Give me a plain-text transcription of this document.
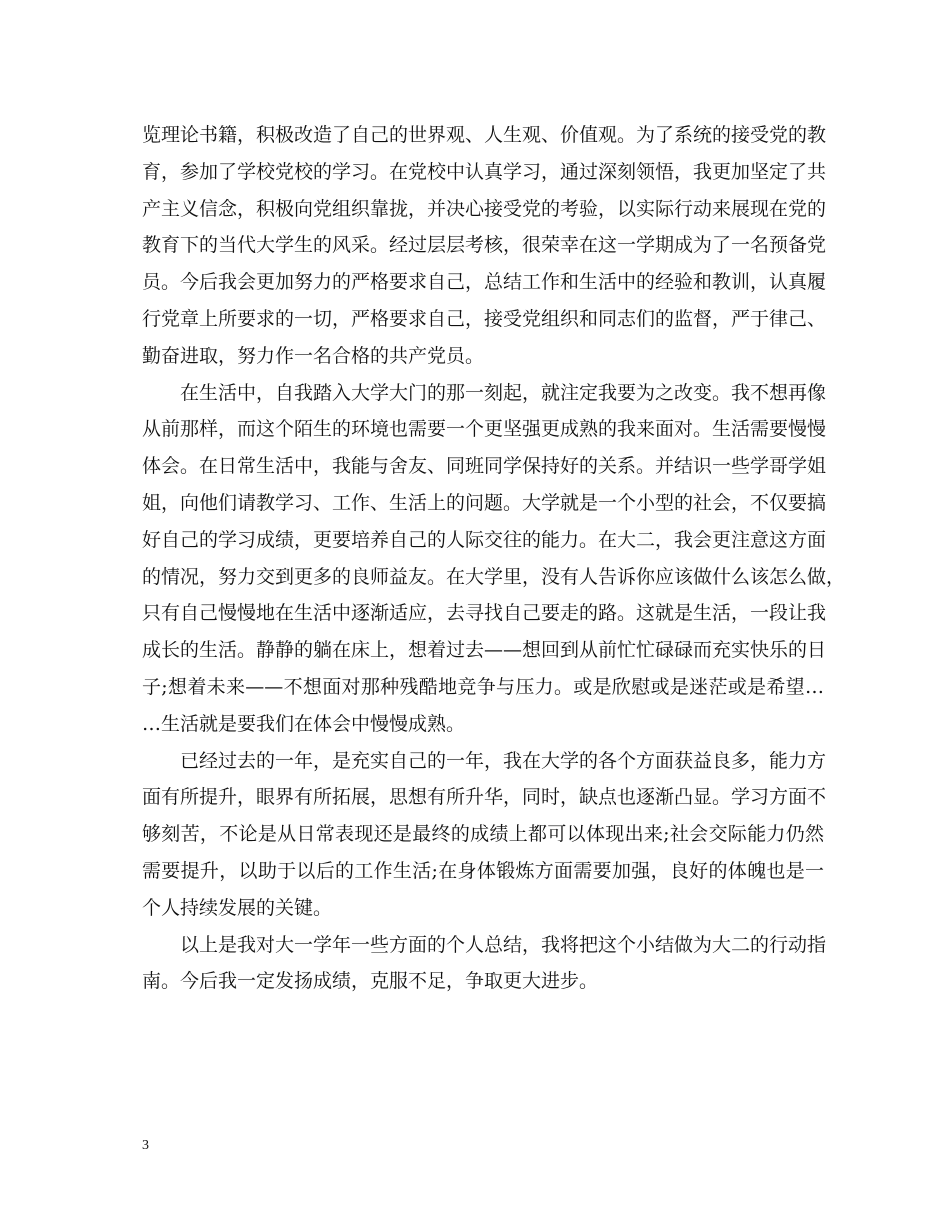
览理论书籍，积极改造了自己的世界观、人生观、价值观。为了系统的接受党的教
育，参加了学校党校的学习。在党校中认真学习，通过深刻领悟，我更加坚定了共
产主义信念，积极向党组织靠拢，并决心接受党的考验，以实际行动来展现在党的
教育下的当代大学生的风采。经过层层考核，很荣幸在这一学期成为了一名预备党
员。今后我会更加努力的严格要求自己，总结工作和生活中的经验和教训，认真履
行党章上所要求的一切，严格要求自己，接受党组织和同志们的监督，严于律己、
勤奋进取，努力作一名合格的共产党员。
在生活中，自我踏入大学大门的那一刻起，就注定我要为之改变。我不想再像
从前那样，而这个陌生的环境也需要一个更坚强更成熟的我来面对。生活需要慢慢
体会。在日常生活中，我能与舍友、同班同学保持好的关系。并结识一些学哥学姐
姐，向他们请教学习、工作、生活上的问题。大学就是一个小型的社会，不仅要搞
好自己的学习成绩，更要培养自己的人际交往的能力。在大二，我会更注意这方面
的情况，努力交到更多的良师益友。在大学里，没有人告诉你应该做什么该怎么做，
只有自己慢慢地在生活中逐渐适应，去寻找自己要走的路。这就是生活，一段让我
成长的生活。静静的躺在床上，想着过去——想回到从前忙忙碌碌而充实快乐的日
子;想着未来——不想面对那种残酷地竞争与压力。或是欣慰或是迷茫或是希望…
…生活就是要我们在体会中慢慢成熟。
已经过去的一年，是充实自己的一年，我在大学的各个方面获益良多，能力方
面有所提升，眼界有所拓展，思想有所升华，同时，缺点也逐渐凸显。学习方面不
够刻苦，不论是从日常表现还是最终的成绩上都可以体现出来;社会交际能力仍然
需要提升，以助于以后的工作生活;在身体锻炼方面需要加强，良好的体魄也是一
个人持续发展的关键。
以上是我对大一学年一些方面的个人总结，我将把这个小结做为大二的行动指
南。今后我一定发扬成绩，克服不足，争取更大进步。
3
